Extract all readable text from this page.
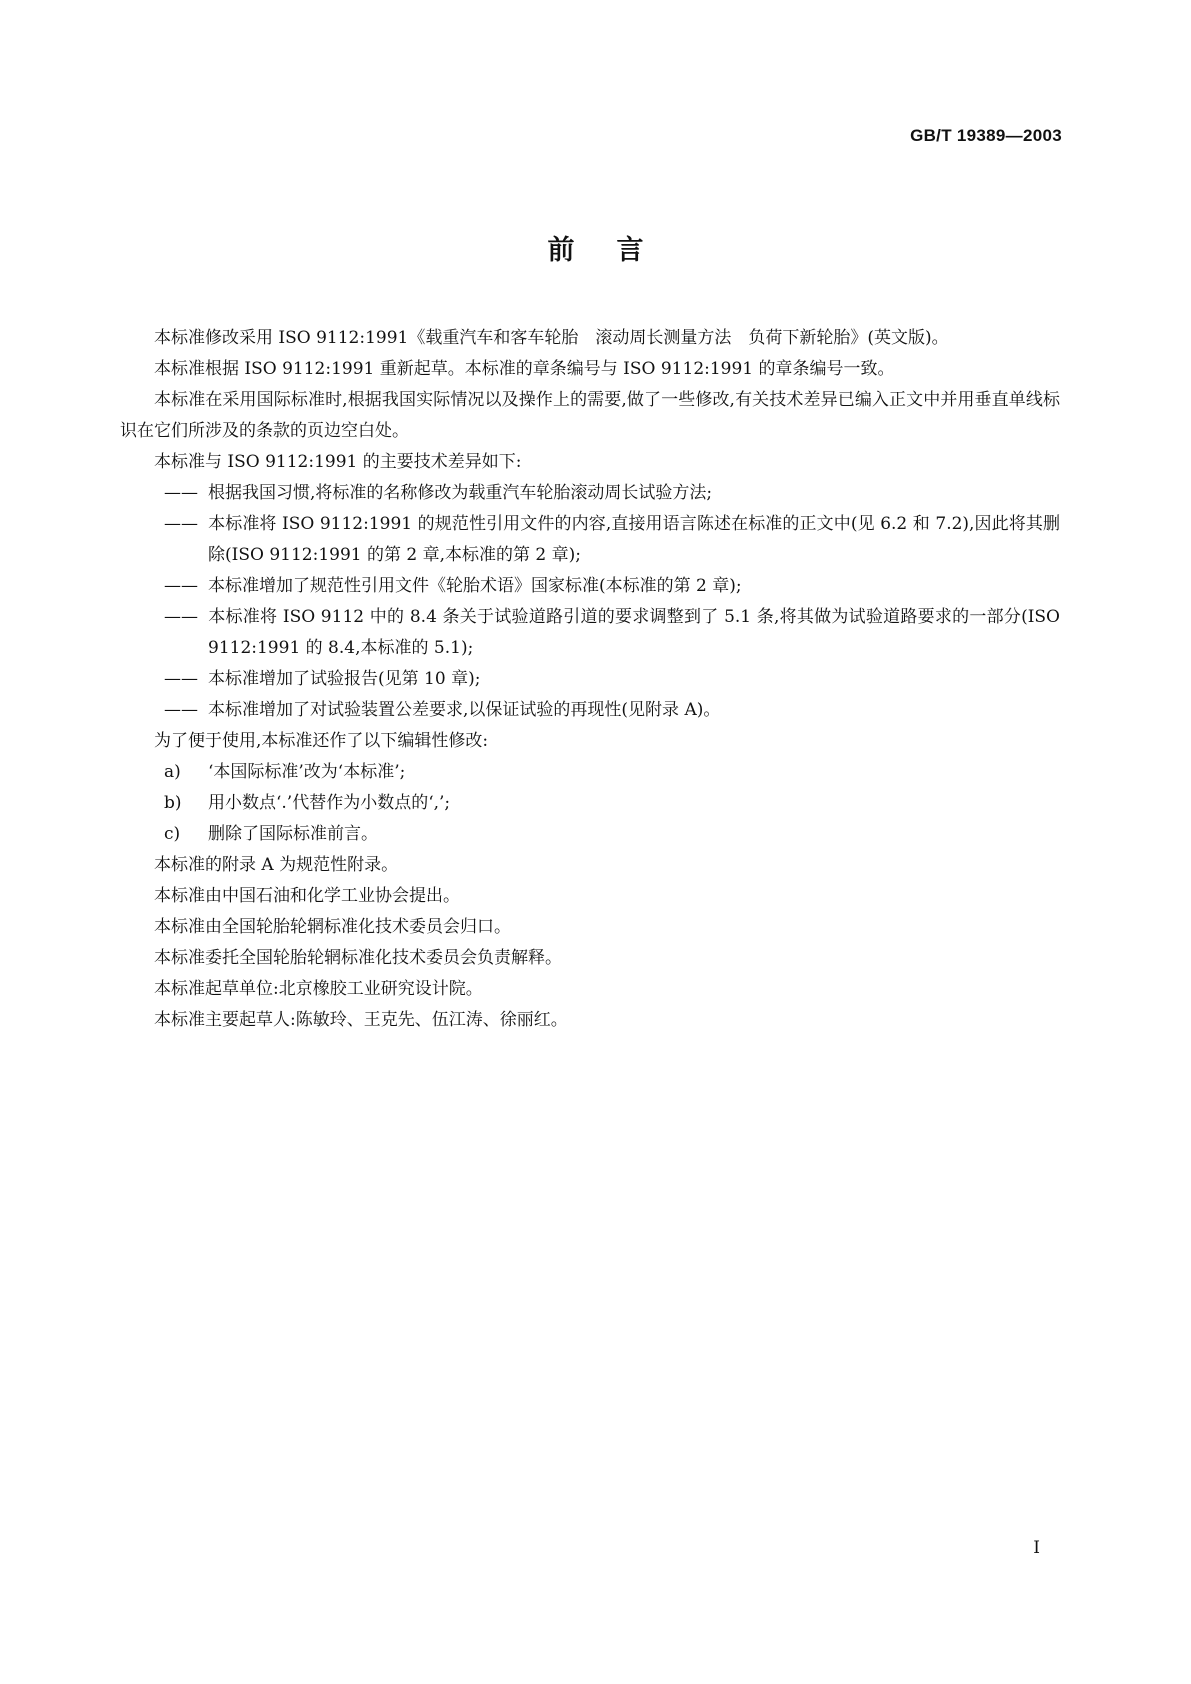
GB/T 19389—2003
前言

本标准修改采用 ISO 9112:1991《载重汽车和客车轮胎　滚动周长测量方法　负荷下新轮胎》(英文版)。

本标准根据 ISO 9112:1991 重新起草。本标准的章条编号与 ISO 9112:1991 的章条编号一致。

本标准在采用国际标准时,根据我国实际情况以及操作上的需要,做了一些修改,有关技术差异已编入正文中并用垂直单线标识在它们所涉及的条款的页边空白处。

本标准与 ISO 9112:1991 的主要技术差异如下:

—— 根据我国习惯,将标准的名称修改为载重汽车轮胎滚动周长试验方法;

—— 本标准将 ISO 9112:1991 的规范性引用文件的内容,直接用语言陈述在标准的正文中(见 6.2 和 7.2),因此将其删除(ISO 9112:1991 的第 2 章,本标准的第 2 章);

—— 本标准增加了规范性引用文件《轮胎术语》国家标准(本标准的第 2 章);

—— 本标准将 ISO 9112 中的 8.4 条关于试验道路引道的要求调整到了 5.1 条,将其做为试验道路要求的一部分(ISO 9112:1991 的 8.4,本标准的 5.1);

—— 本标准增加了试验报告(见第 10 章);

—— 本标准增加了对试验装置公差要求,以保证试验的再现性(见附录 A)。

为了便于使用,本标准还作了以下编辑性修改:

a) ‘本国际标准’改为‘本标准’;

b) 用小数点‘.’代替作为小数点的‘,’;

c) 删除了国际标准前言。

本标准的附录 A 为规范性附录。

本标准由中国石油和化学工业协会提出。

本标准由全国轮胎轮辋标准化技术委员会归口。

本标准委托全国轮胎轮辋标准化技术委员会负责解释。

本标准起草单位:北京橡胶工业研究设计院。

本标准主要起草人:陈敏玲、王克先、伍江涛、徐丽红。

I
